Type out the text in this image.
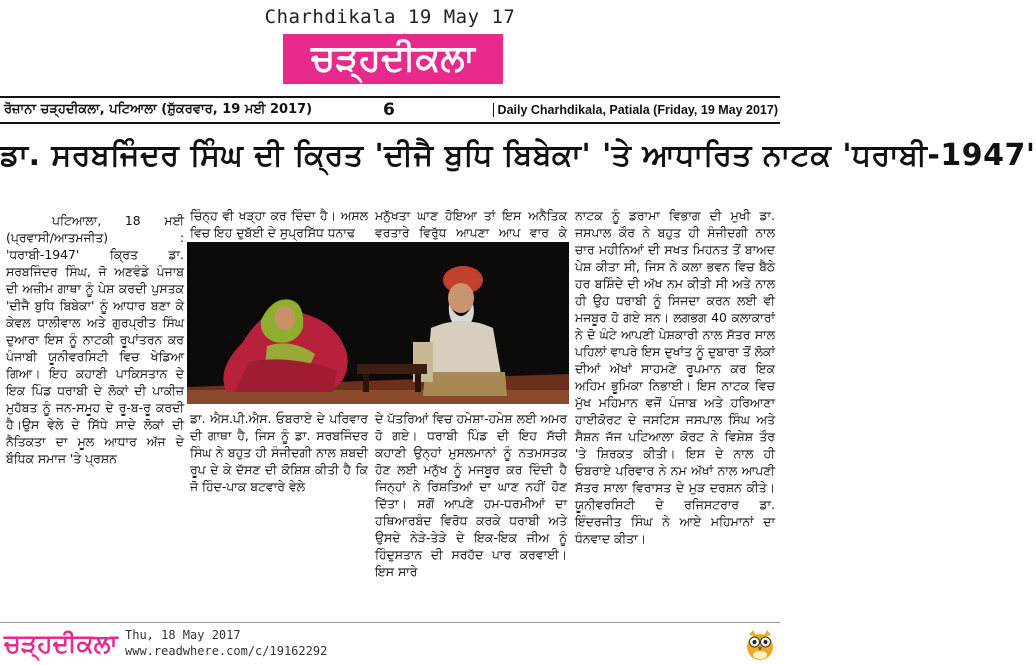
Charhdikala 19 May 17
ਚੜ੍ਹਦੀਕਲਾ
ਰੋਜ਼ਾਨਾ ਚੜ੍ਹਦੀਕਲਾ, ਪਟਿਆਲਾ (ਸ਼ੁੱਕਰਵਾਰ, 19 ਮਈ 2017)	6	Daily Charhdikala, Patiala (Friday, 19 May 2017)
ਡਾ. ਸਰਬਜਿੰਦਰ ਸਿੰਘ ਦੀ ਕ੍ਰਿਤ 'ਦੀਜੈ ਬੁਧਿ ਬਿਬੇਕਾ' 'ਤੇ ਆਧਾਰਿਤ ਨਾਟਕ 'ਧਰਾਬੀ-1947'

ਪਟਿਆਲਾ, 18 ਮਈ (ਪ੍ਰਵਾਸੀ/ਆਤਮਜੀਤ) : 'ਧਰਾਬੀ-1947' ਕ੍ਰਿਤ ਡਾ. ਸਰਬਜਿੰਦਰ ਸਿੰਘ, ਜੋ ਅਣਵੰਡੇ ਪੰਜਾਬ ਦੀ ਅਜ਼ੀਮ ਗਾਥਾ ਨੂੰ ਪੇਸ਼ ਕਰਦੀ ਪੁਸਤਕ 'ਦੀਜੈ ਬੁਧਿ ਬਿਬੇਕਾ' ਨੂੰ ਆਧਾਰ ਬਣਾ ਕੇ ਕੇਵਲ ਧਾਲੀਵਾਲ ਅਤੇ ਗੁਰਪ੍ਰੀਤ ਸਿੰਘ ਦੁਆਰਾ ਇਸ ਨੂੰ ਨਾਟਕੀ ਰੂਪਾਂਤਰਨ ਕਰ ਪੰਜਾਬੀ ਯੂਨੀਵਰਸਿਟੀ ਵਿਚ ਖੇਡਿਆ ਗਿਆ। ਇਹ ਕਹਾਣੀ ਪਾਕਿਸਤਾਨ ਦੇ ਇਕ ਪਿੰਡ ਧਰਾਬੀ ਦੇ ਲੋਕਾਂ ਦੀ ਪਾਕੀਜ਼ ਮੁਹੱਬਤ ਨੂੰ ਜਨ-ਸਮੂਹ ਦੇ ਰੂ-ਬ-ਰੂ ਕਰਦੀ ਹੈ।ਉਸ ਵੇਲੇ ਦੇ ਸਿੱਧੇ ਸਾਦੇ ਲੋਕਾਂ ਦੀ ਨੈਤਿਕਤਾ ਦਾ ਮੂਲ ਆਧਾਰ ਅੱਜ ਦੇ ਬੌਧਿਕ ਸਮਾਜ 'ਤੇ ਪ੍ਰਸ਼ਨ

ਚਿੰਨ੍ਹ ਵੀ ਖੜ੍ਹਾ ਕਰ ਦਿੰਦਾ ਹੈ। ਅਸਲ ਵਿਚ ਇਹ ਦੁਬੱਈ ਦੇ ਸੁਪ੍ਰਸਿੱਧ ਧਨਾਢ

ਮਨੁੱਖਤਾ ਘਾਣ ਹੋਇਆ ਤਾਂ ਇਸ ਅਨੈਤਿਕ ਵਰਤਾਰੇ ਵਿਰੁੱਧ ਆਪਣਾ ਆਪ ਵਾਰ ਕੇ

ਡਾ. ਐਸ.ਪੀ.ਐਸ. ਓਬਰਾਏ ਦੇ ਪਰਿਵਾਰ ਦੀ ਗਾਥਾ ਹੈ, ਜਿਸ ਨੂੰ ਡਾ. ਸਰਬਜਿੰਦਰ ਸਿੰਘ ਨੇ ਬਹੁਤ ਹੀ ਸੰਜੀਦਗੀ ਨਾਲ ਸ਼ਬਦੀ ਰੂਪ ਦੇ ਕੇ ਦੱਸਣ ਦੀ ਕੋਸ਼ਿਸ਼ ਕੀਤੀ ਹੈ ਕਿ ਜੋ ਹਿੰਦ-ਪਾਕ ਬਟਵਾਰੇ ਵੇਲੇ

ਦੇ ਪੱਤਰਿਆਂ ਵਿਚ ਹਮੇਸ਼ਾ-ਹਮੇਸ਼ ਲਈ ਅਮਰ ਹੋ ਗਏ। ਧਰਾਬੀ ਪਿੰਡ ਦੀ ਇਹ ਸੱਚੀ ਕਹਾਣੀ ਉਨ੍ਹਾਂ ਮੁਸਲਮਾਨਾਂ ਨੂੰ ਨਤਮਸਤਕ ਹੋਣ ਲਈ ਮਨੁੱਖ ਨੂੰ ਮਜਬੂਰ ਕਰ ਦਿੰਦੀ ਹੈ ਜਿਨ੍ਹਾਂ ਨੇ ਰਿਸ਼ਤਿਆਂ ਦਾ ਘਾਣ ਨਹੀਂ ਹੋਣ ਦਿੱਤਾ। ਸਗੋਂ ਆਪਣੇ ਹਮ-ਧਰਮੀਆਂ ਦਾ ਹਥਿਆਰਬੰਦ ਵਿਰੋਧ ਕਰਕੇ ਧਰਾਬੀ ਅਤੇ ਉਸਦੇ ਨੇੜੇ-ਤੇੜੇ ਦੇ ਇਕ-ਇਕ ਜੀਅ ਨੂੰ ਹਿੰਦੁਸਤਾਨ ਦੀ ਸਰਹੱਦ ਪਾਰ ਕਰਵਾਈ। ਇਸ ਸਾਰੇ

ਨਾਟਕ ਨੂੰ ਡਰਾਮਾ ਵਿਭਾਗ ਦੀ ਮੁਖੀ ਡਾ. ਜਸਪਾਲ ਕੌਰ ਨੇ ਬਹੁਤ ਹੀ ਸੰਜੀਦਗੀ ਨਾਲ ਚਾਰ ਮਹੀਨਿਆਂ ਦੀ ਸਖਤ ਮਿਹਨਤ ਤੋਂ ਬਾਅਦ ਪੇਸ਼ ਕੀਤਾ ਸੀ, ਜਿਸ ਨੇ ਕਲਾ ਭਵਨ ਵਿਚ ਬੈਠੇ ਹਰ ਬਸ਼ਿੰਦੇ ਦੀ ਅੱਖ ਨਮ ਕੀਤੀ ਸੀ ਅਤੇ ਨਾਲ ਹੀ ਉਹ ਧਰਾਬੀ ਨੂੰ ਸਿਜਦਾ ਕਰਨ ਲਈ ਵੀ ਮਜਬੂਰ ਹੋ ਗਏ ਸਨ। ਲਗਭਗ 40 ਕਲਾਕਾਰਾਂ ਨੇ ਦੋ ਘੰਟੇ ਆਪਣੀ ਪੇਸ਼ਕਾਰੀ ਨਾਲ ਸੱਤਰ ਸਾਲ ਪਹਿਲਾਂ ਵਾਪਰੇ ਇਸ ਦੁਖਾਂਤ ਨੂੰ ਦੁਬਾਰਾ ਤੋਂ ਲੋਕਾਂ ਦੀਆਂ ਅੱਖਾਂ ਸਾਹਮਣੇ ਰੂਪਮਾਨ ਕਰ ਇਕ ਅਹਿਮ ਭੂਮਿਕਾ ਨਿਭਾਈ। ਇਸ ਨਾਟਕ ਵਿਚ ਮੁੱਖ ਮਹਿਮਾਨ ਵਜੋਂ ਪੰਜਾਬ ਅਤੇ ਹਰਿਆਣਾ ਹਾਈਕੋਰਟ ਦੇ ਜਸਟਿਸ ਜਸਪਾਲ ਸਿੰਘ ਅਤੇ ਸੈਸ਼ਨ ਜੱਜ ਪਟਿਆਲਾ ਕੋਰਟ ਨੇ ਵਿਸ਼ੇਸ਼ ਤੌਰ 'ਤੇ ਸ਼ਿਰਕਤ ਕੀਤੀ। ਇਸ ਦੇ ਨਾਲ ਹੀ ਓਬਰਾਏ ਪਰਿਵਾਰ ਨੇ ਨਮ ਅੱਖਾਂ ਨਾਲ ਆਪਣੀ ਸੱਤਰ ਸਾਲਾ ਵਿਰਾਸਤ ਦੇ ਮੁੜ ਦਰਸ਼ਨ ਕੀਤੇ। ਯੂਨੀਵਰਸਿਟੀ ਦੇ ਰਜਿਸਟਰਾਰ ਡਾ. ਇੰਦਰਜੀਤ ਸਿੰਘ ਨੇ ਆਏ ਮਹਿਮਾਨਾਂ ਦਾ ਧੰਨਵਾਦ ਕੀਤਾ।

ਚੜ੍ਹਦੀਕਲਾ Thu, 18 May 2017
www.readwhere.com/c/19162292
